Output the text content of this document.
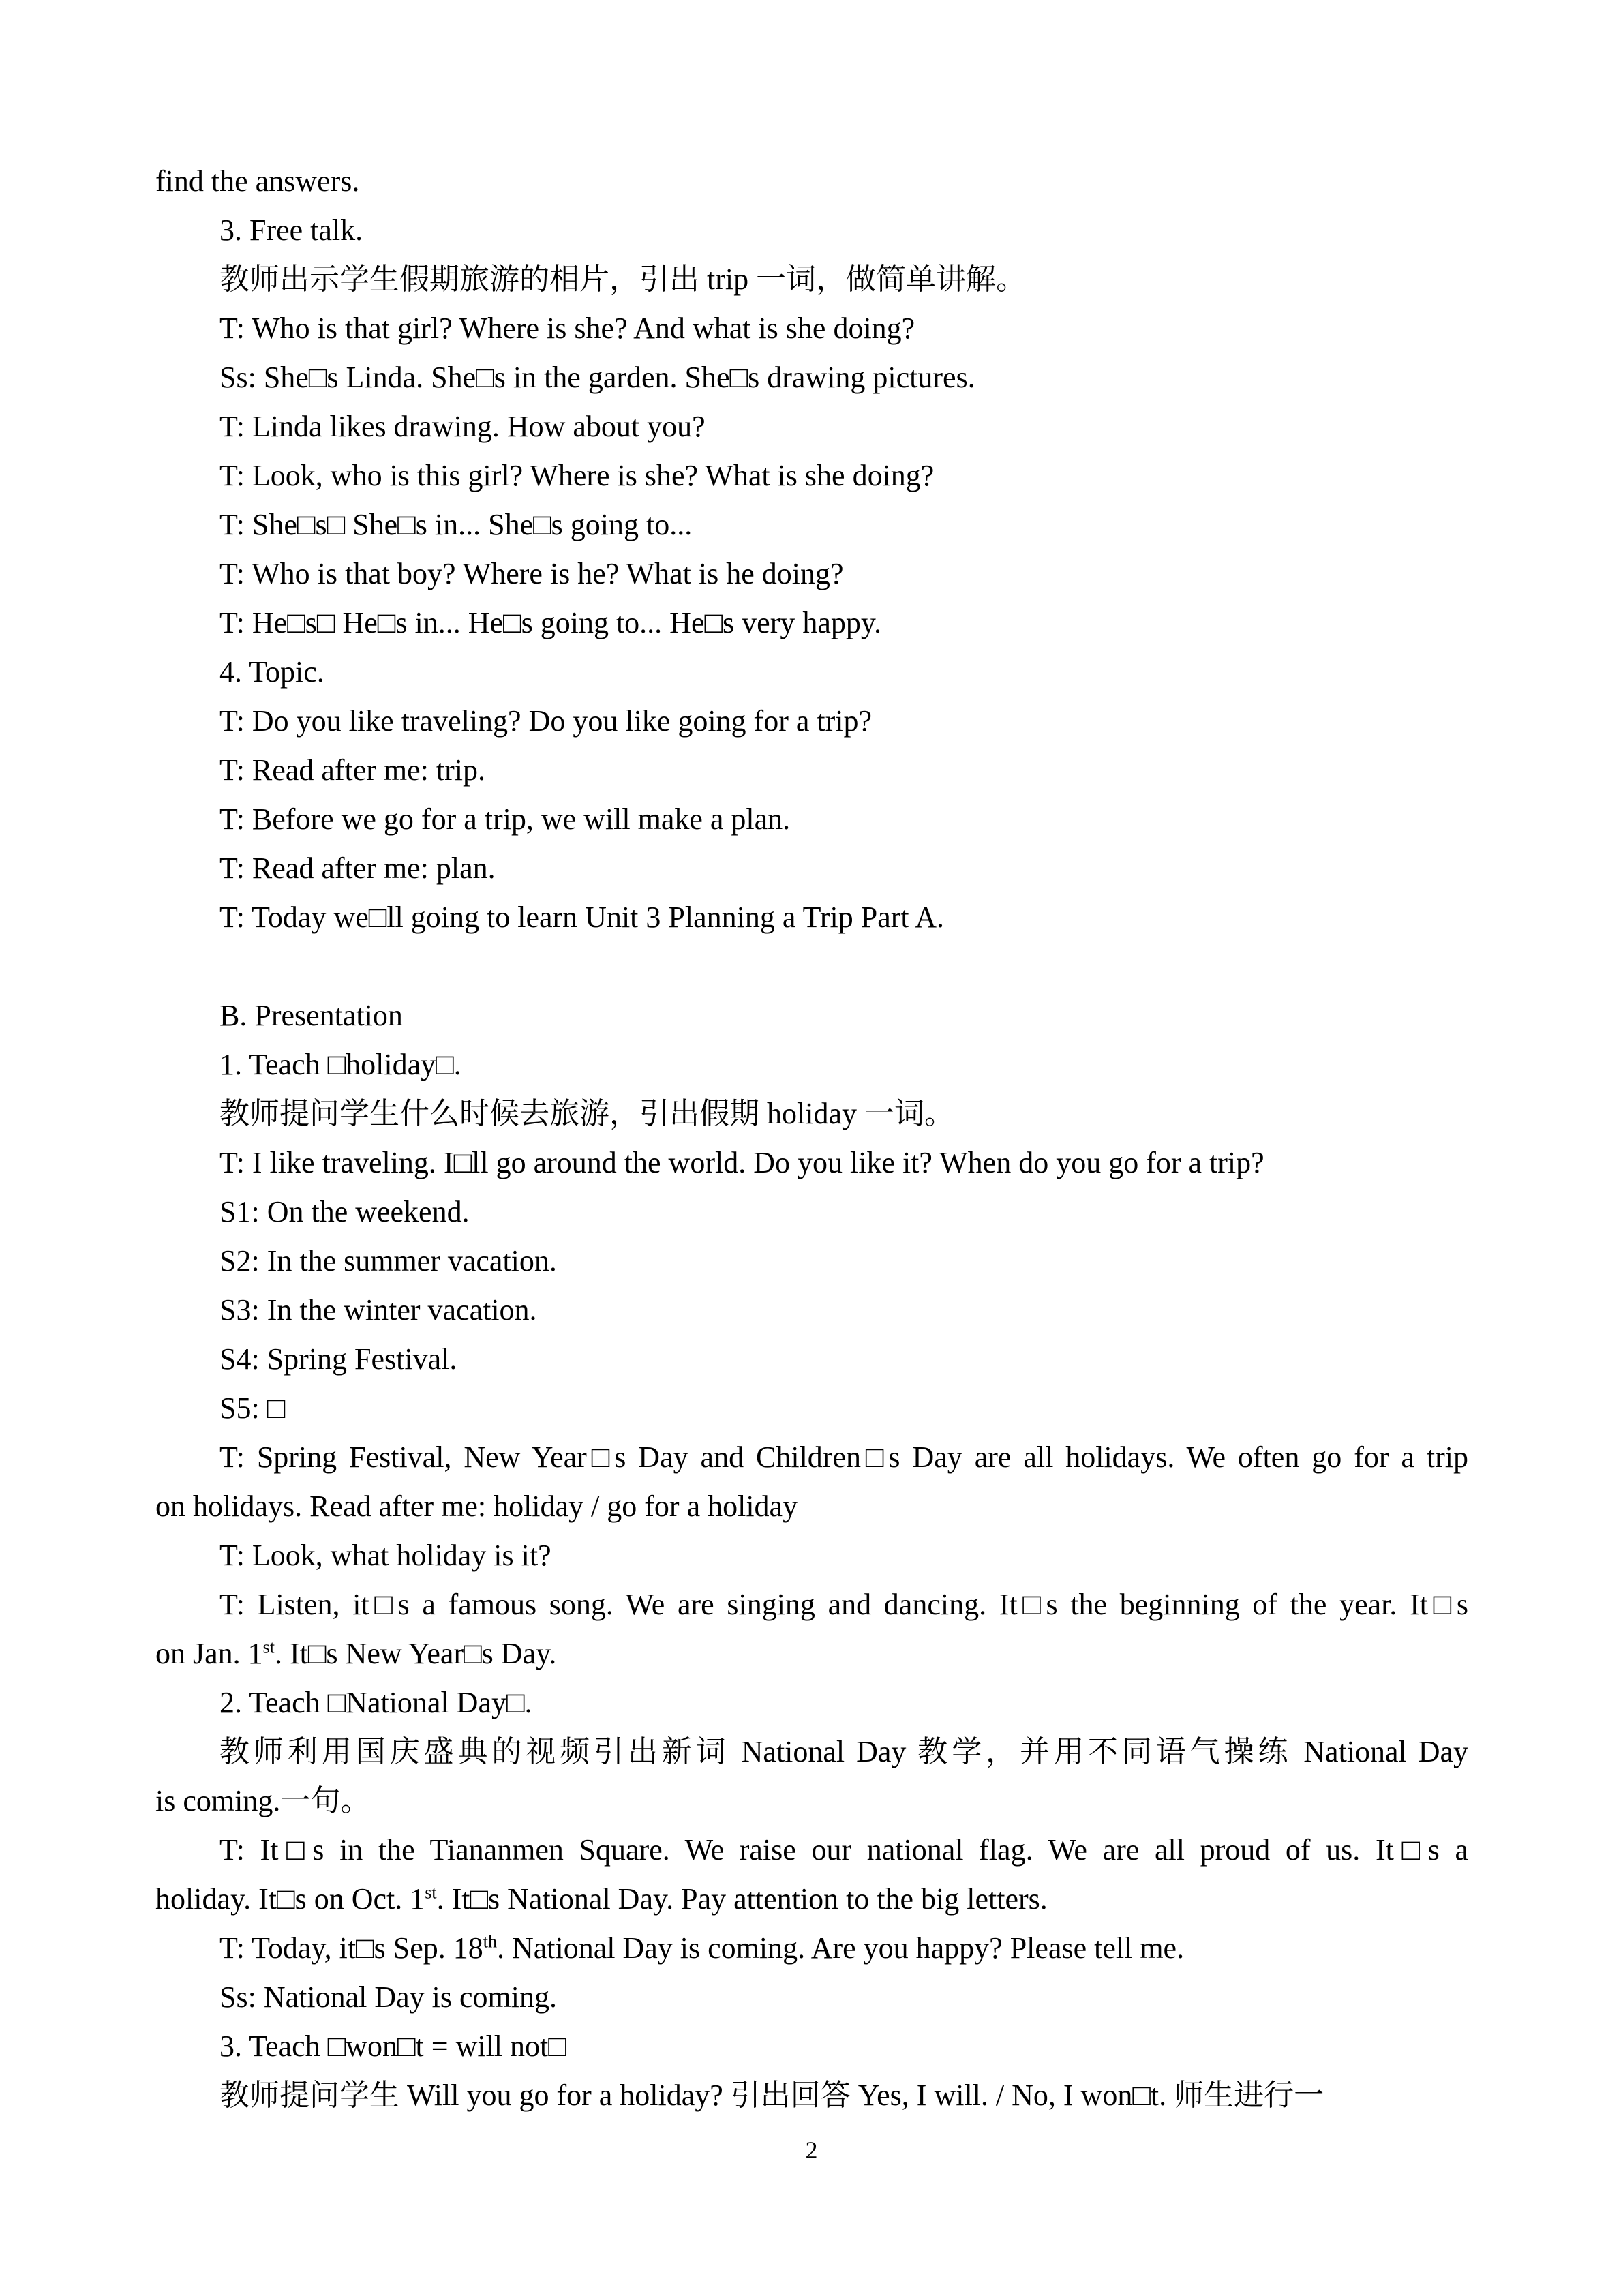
find the answers.
3. Free talk.
教师出示学生假期旅游的相片，引出 trip 一词，做简单讲解。
T: Who is that girl? Where is she? And what is she doing?
Ss: She□s Linda. She□s in the garden. She□s drawing pictures.
T: Linda likes drawing. How about you?
T: Look, who is this girl? Where is she? What is she doing?
T: She□s□ She□s in... She□s going to...
T: Who is that boy? Where is he? What is he doing?
T: He□s□ He□s in... He□s going to... He□s very happy.
4. Topic.
T: Do you like traveling? Do you like going for a trip?
T: Read after me: trip.
T: Before we go for a trip, we will make a plan.
T: Read after me: plan.
T: Today we□ll going to learn Unit 3 Planning a Trip Part A.
B. Presentation
1. Teach □holiday□.
教师提问学生什么时候去旅游，引出假期 holiday 一词。
T: I like traveling. I□ll go around the world. Do you like it? When do you go for a trip?
S1: On the weekend.
S2: In the summer vacation.
S3: In the winter vacation.
S4: Spring Festival.
S5: □
T: Spring Festival, New Year□s Day and Children□s Day are all holidays. We often go for a trip
on holidays. Read after me: holiday / go for a holiday
T: Look, what holiday is it?
T: Listen, it□s a famous song. We are singing and dancing. It□s the beginning of the year. It□s
on Jan. 1st. It□s New Year□s Day.
2. Teach □National Day□.
教师利用国庆盛典的视频引出新词 National Day 教学，并用不同语气操练 National Day
is coming.一句。
T: It□s in the Tiananmen Square. We raise our national flag. We are all proud of us. It□s a
holiday. It□s on Oct. 1st. It□s National Day. Pay attention to the big letters.
T: Today, it□s Sep. 18th. National Day is coming. Are you happy? Please tell me.
Ss: National Day is coming.
3. Teach □won□t = will not□
教师提问学生 Will you go for a holiday? 引出回答 Yes, I will. / No, I won□t. 师生进行一
2
